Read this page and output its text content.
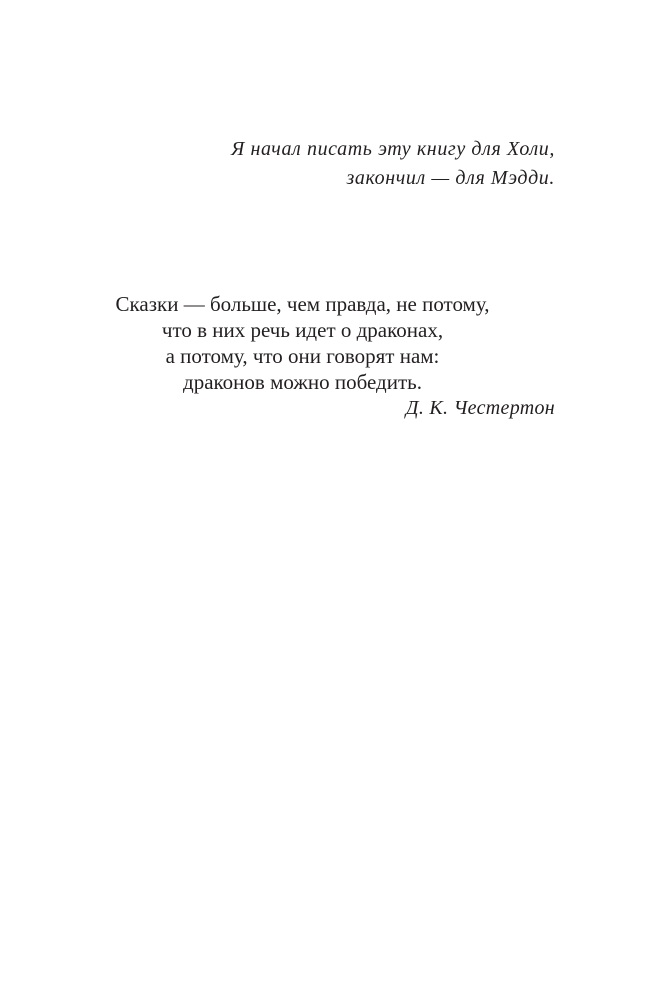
Я начал писать эту книгу для Холи,
закончил — для Мэдди.

Сказки — больше, чем правда, не потому,
что в них речь идет о драконах,
а потому, что они говорят нам:
драконов можно победить.

Д. К. Честертон
